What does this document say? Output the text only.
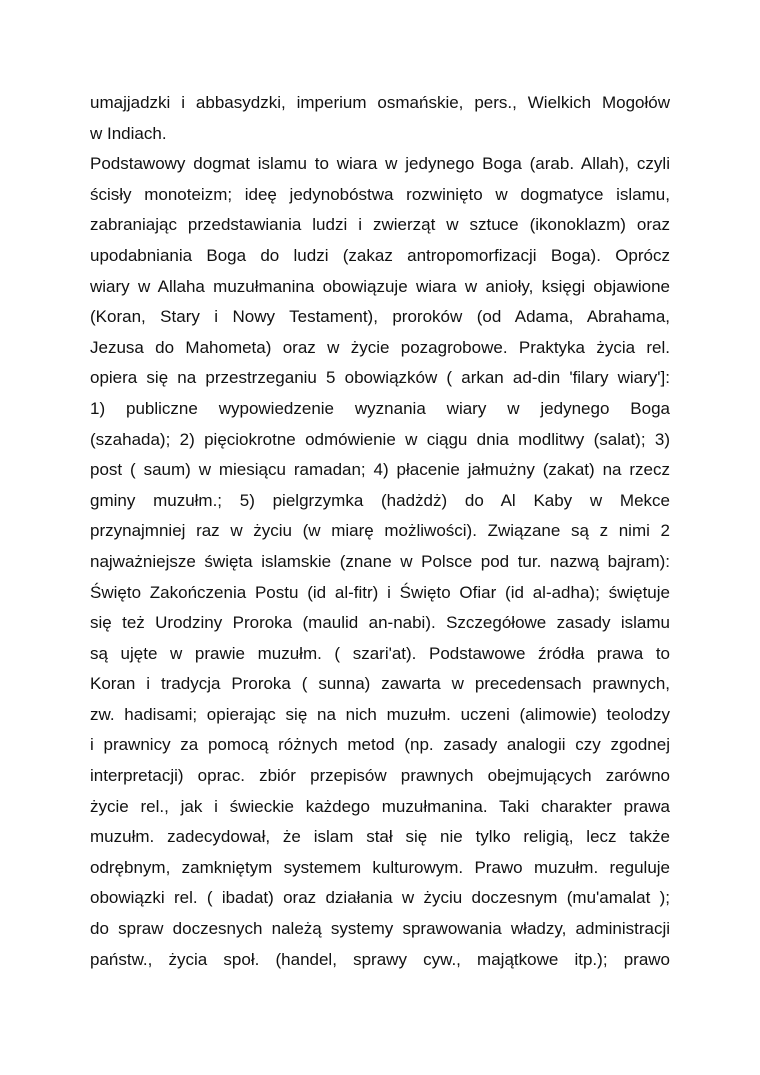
umajjadzki i abbasydzki, imperium osmańskie, pers., Wielkich Mogołów
w Indiach.
Podstawowy dogmat islamu to wiara w jedynego Boga (arab. Allah), czyli
ścisły monoteizm; ideę jedynobóstwa rozwinięto w dogmatyce islamu,
zabraniając przedstawiania ludzi i zwierząt w sztuce (ikonoklazm) oraz
upodabniania Boga do ludzi (zakaz antropomorfizacji Boga). Oprócz
wiary w Allaha muzułmanina obowiązuje wiara w anioły, księgi objawione
(Koran, Stary i Nowy Testament), proroków (od Adama, Abrahama,
Jezusa do Mahometa) oraz w życie pozagrobowe. Praktyka życia rel.
opiera się na przestrzeganiu 5 obowiązków ( arkan ad-din 'filary wiary']:
1) publiczne wypowiedzenie wyznania wiary w jedynego Boga
(szahada); 2) pięciokrotne odmówienie w ciągu dnia modlitwy (salat); 3)
post ( saum) w miesiącu ramadan; 4) płacenie jałmużny (zakat) na rzecz
gminy muzułm.; 5) pielgrzymka (hadżdż) do Al Kaby w Mekce
przynajmniej raz w życiu (w miarę możliwości). Związane są z nimi 2
najważniejsze święta islamskie (znane w Polsce pod tur. nazwą bajram):
Święto Zakończenia Postu (id al-fitr) i Święto Ofiar (id al-adha); świętuje
się też Urodziny Proroka (maulid an-nabi). Szczegółowe zasady islamu
są ujęte w prawie muzułm. ( szari'at). Podstawowe źródła prawa to
Koran i tradycja Proroka ( sunna) zawarta w precedensach prawnych,
zw. hadisami; opierając się na nich muzułm. uczeni (alimowie) teolodzy
i prawnicy za pomocą różnych metod (np. zasady analogii czy zgodnej
interpretacji) oprac. zbiór przepisów prawnych obejmujących zarówno
życie rel., jak i świeckie każdego muzułmanina. Taki charakter prawa
muzułm. zadecydował, że islam stał się nie tylko religią, lecz także
odrębnym, zamkniętym systemem kulturowym. Prawo muzułm. reguluje
obowiązki rel. ( ibadat) oraz działania w życiu doczesnym (mu'amalat );
do spraw doczesnych należą systemy sprawowania władzy, administracji
państw., życia społ. (handel, sprawy cyw., majątkowe itp.); prawo
